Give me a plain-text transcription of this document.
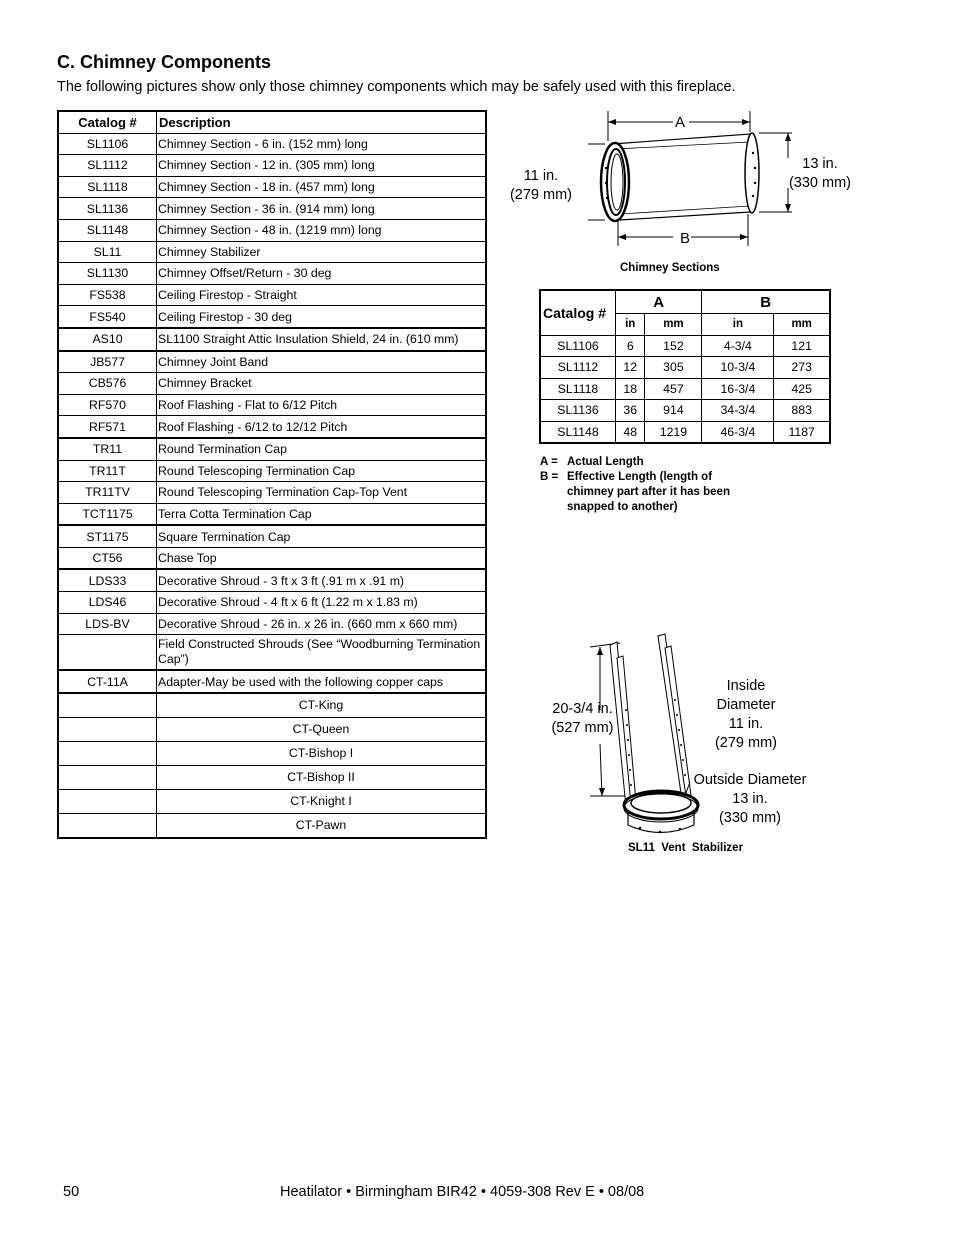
C. Chimney Components

The following pictures show only those chimney components which may be safely used with this fireplace.

Catalog #	Description
SL1106	Chimney Section - 6 in. (152 mm) long
SL1112	Chimney Section - 12 in. (305 mm) long
SL1118	Chimney Section - 18 in. (457 mm) long
SL1136	Chimney Section - 36 in. (914 mm) long
SL1148	Chimney Section - 48 in. (1219 mm) long
SL11	Chimney Stabilizer
SL1130	Chimney Offset/Return - 30 deg
FS538	Ceiling Firestop - Straight
FS540	Ceiling Firestop - 30 deg
AS10	SL1100 Straight Attic Insulation Shield, 24 in. (610 mm)
JB577	Chimney Joint Band
CB576	Chimney Bracket
RF570	Roof Flashing - Flat to 6/12 Pitch
RF571	Roof Flashing - 6/12 to 12/12 Pitch
TR11	Round Termination Cap
TR11T	Round Telescoping Termination Cap
TR11TV	Round Telescoping Termination Cap-Top Vent
TCT1175	Terra Cotta Termination Cap
ST1175	Square Termination Cap
CT56	Chase Top
LDS33	Decorative Shroud - 3 ft x 3 ft (.91 m x .91 m)
LDS46	Decorative Shroud - 4 ft x 6 ft (1.22 m x 1.83 m)
LDS-BV	Decorative Shroud - 26 in. x 26 in. (660 mm x 660 mm)
	Field Constructed Shrouds (See “Woodburning Termination Cap”)
CT-11A	Adapter-May be used with the following copper caps
	CT-King
	CT-Queen
	CT-Bishop I
	CT-Bishop II
	CT-Knight I
	CT-Pawn
A
B
11 in.
(279 mm)
13 in.
(330 mm)
Chimney Sections
Catalog #	A		B	
	in	mm	in	mm
SL1106	6	152	4-3/4	121
SL1112	12	305	10-3/4	273
SL1118	18	457	16-3/4	425
SL1136	36	914	34-3/4	883
SL1148	48	1219	46-3/4	1187
A = Actual Length
B = Effective Length (length of chimney part after it has been snapped to another)
20-3/4 in.
(527 mm)
Inside
Diameter
11 in.
(279 mm)
Outside Diameter
13 in.
(330 mm)
SL11  Vent  Stabilizer
50	Heatilator • Birmingham BIR42 • 4059-308 Rev E • 08/08
